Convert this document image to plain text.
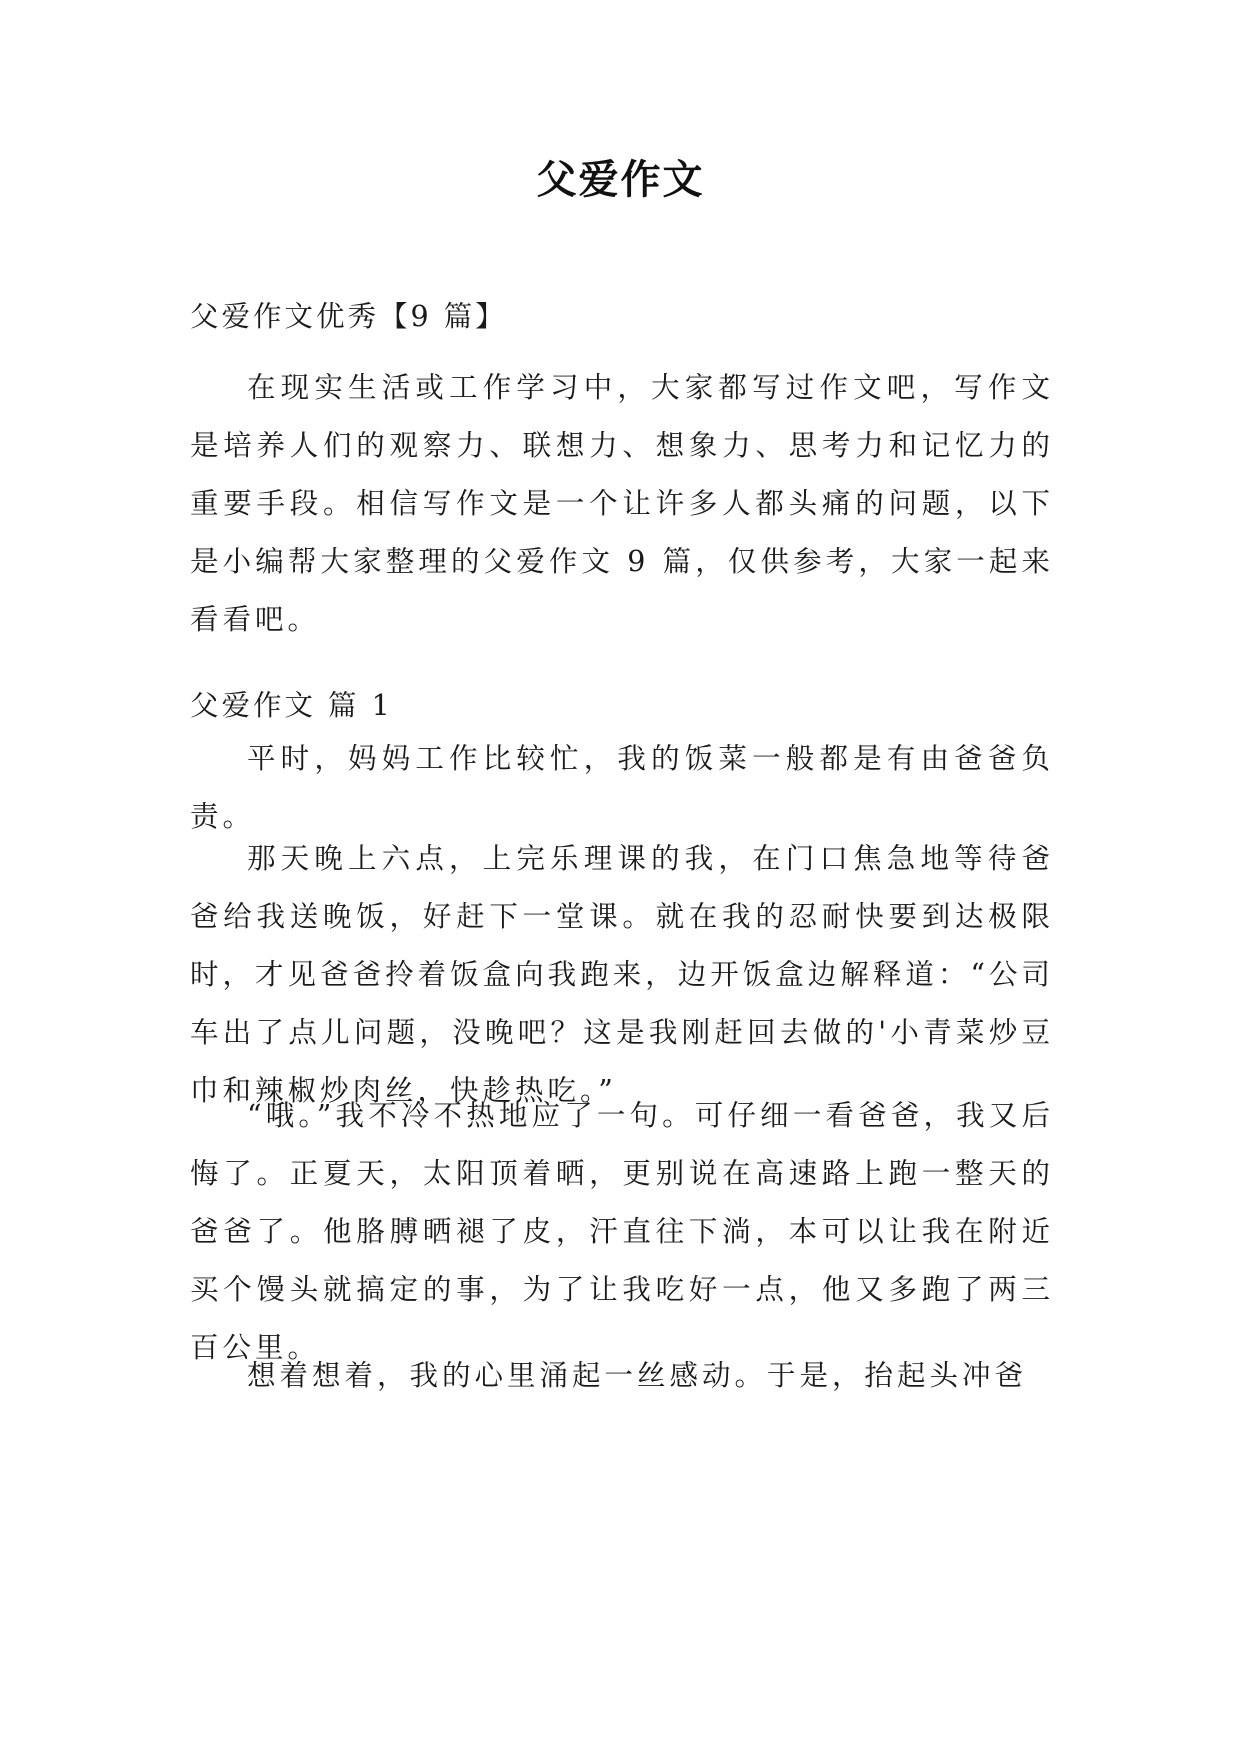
父爱作文

父爱作文优秀【9 篇】

在现实生活或工作学习中，大家都写过作文吧，写作文是培养人们的观察力、联想力、想象力、思考力和记忆力的重要手段。相信写作文是一个让许多人都头痛的问题，以下是小编帮大家整理的父爱作文 9 篇，仅供参考，大家一起来看看吧。

父爱作文 篇 1

平时，妈妈工作比较忙，我的饭菜一般都是有由爸爸负责。

那天晚上六点，上完乐理课的我，在门口焦急地等待爸爸给我送晚饭，好赶下一堂课。就在我的忍耐快要到达极限时，才见爸爸拎着饭盒向我跑来，边开饭盒边解释道：“公司车出了点儿问题，没晚吧？这是我刚赶回去做的'小青菜炒豆巾和辣椒炒肉丝，快趁热吃。”

“哦。”我不冷不热地应了一句。可仔细一看爸爸，我又后悔了。正夏天，太阳顶着晒，更别说在高速路上跑一整天的爸爸了。他胳膊晒褪了皮，汗直往下淌，本可以让我在附近买个馒头就搞定的事，为了让我吃好一点，他又多跑了两三百公里。

想着想着，我的心里涌起一丝感动。于是，抬起头冲爸
